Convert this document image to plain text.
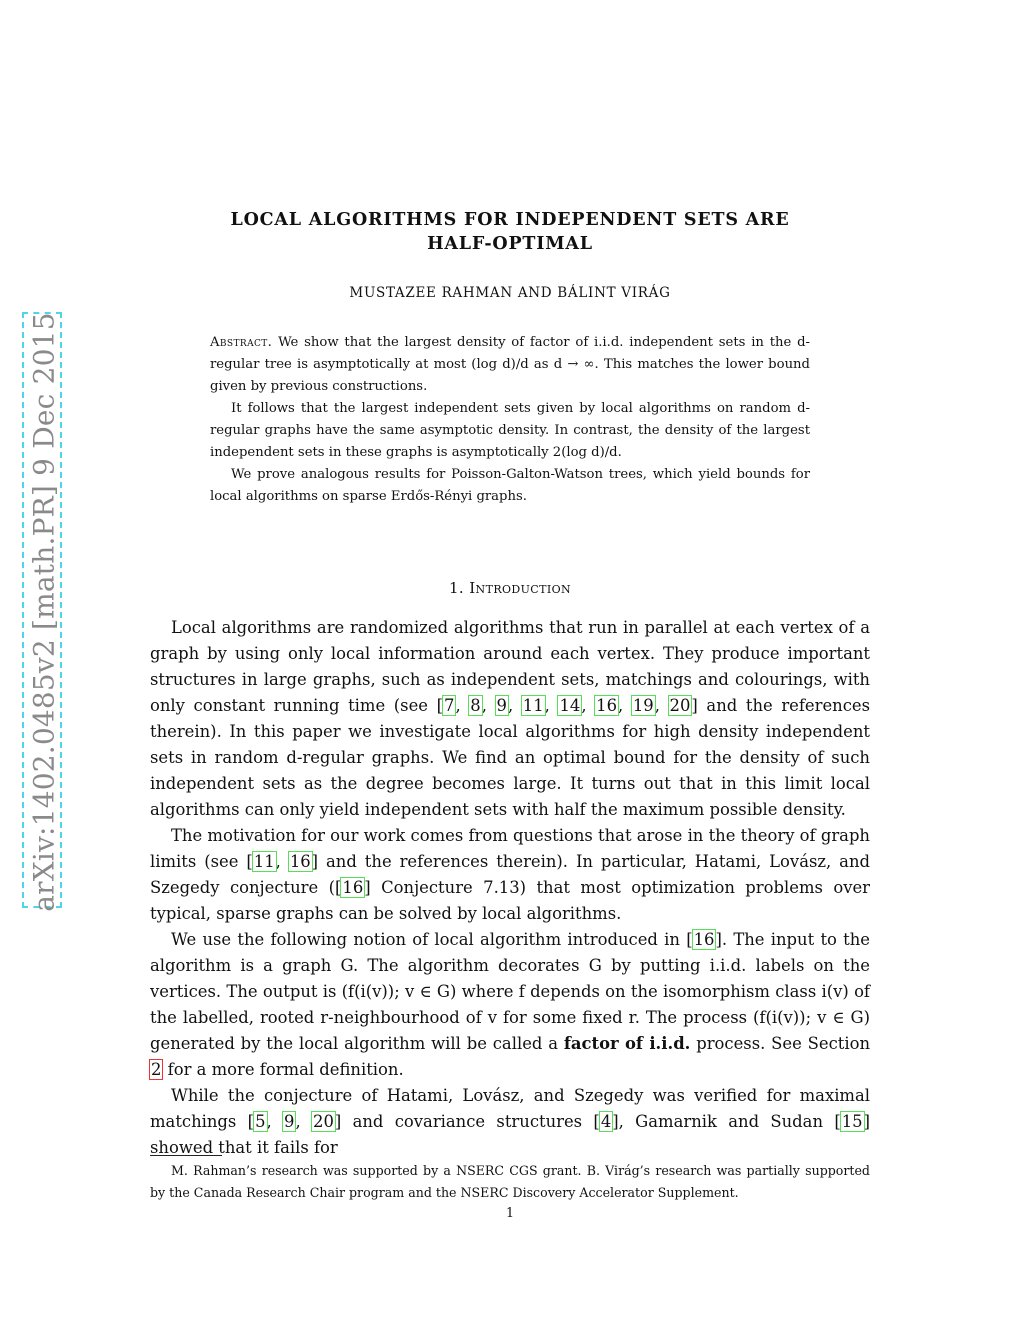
arXiv:1402.0485v2 [math.PR] 9 Dec 2015
LOCAL ALGORITHMS FOR INDEPENDENT SETS ARE
HALF-OPTIMAL
MUSTAZEE RAHMAN AND BÁLINT VIRÁG

Abstract. We show that the largest density of factor of i.i.d. independent sets in the d-regular tree is asymptotically at most (log d)/d as d → ∞. This matches the lower bound given by previous constructions.

It follows that the largest independent sets given by local algorithms on random d-regular graphs have the same asymptotic density. In contrast, the density of the largest independent sets in these graphs is asymptotically 2(log d)/d.

We prove analogous results for Poisson-Galton-Watson trees, which yield bounds for local algorithms on sparse Erdős-Rényi graphs.

1. Introduction

Local algorithms are randomized algorithms that run in parallel at each vertex of a graph by using only local information around each vertex. They produce important structures in large graphs, such as independent sets, matchings and colourings, with only constant running time (see [7, 8, 9, 11, 14, 16, 19, 20] and the references therein). In this paper we investigate local algorithms for high density independent sets in random d-regular graphs. We find an optimal bound for the density of such independent sets as the degree becomes large. It turns out that in this limit local algorithms can only yield independent sets with half the maximum possible density.

The motivation for our work comes from questions that arose in the theory of graph limits (see [11, 16] and the references therein). In particular, Hatami, Lovász, and Szegedy conjecture ([16] Conjecture 7.13) that most optimization problems over typical, sparse graphs can be solved by local algorithms.

We use the following notion of local algorithm introduced in [16]. The input to the algorithm is a graph G. The algorithm decorates G by putting i.i.d. labels on the vertices. The output is (f(i(v)); v ∈ G) where f depends on the isomorphism class i(v) of the labelled, rooted r-neighbourhood of v for some fixed r. The process (f(i(v)); v ∈ G) generated by the local algorithm will be called a factor of i.i.d. process. See Section 2 for a more formal definition.

While the conjecture of Hatami, Lovász, and Szegedy was verified for maximal matchings [5, 9, 20] and covariance structures [4], Gamarnik and Sudan [15] showed that it fails for

M. Rahman’s research was supported by a NSERC CGS grant. B. Virág’s research was partially supported by the Canada Research Chair program and the NSERC Discovery Accelerator Supplement.

1
